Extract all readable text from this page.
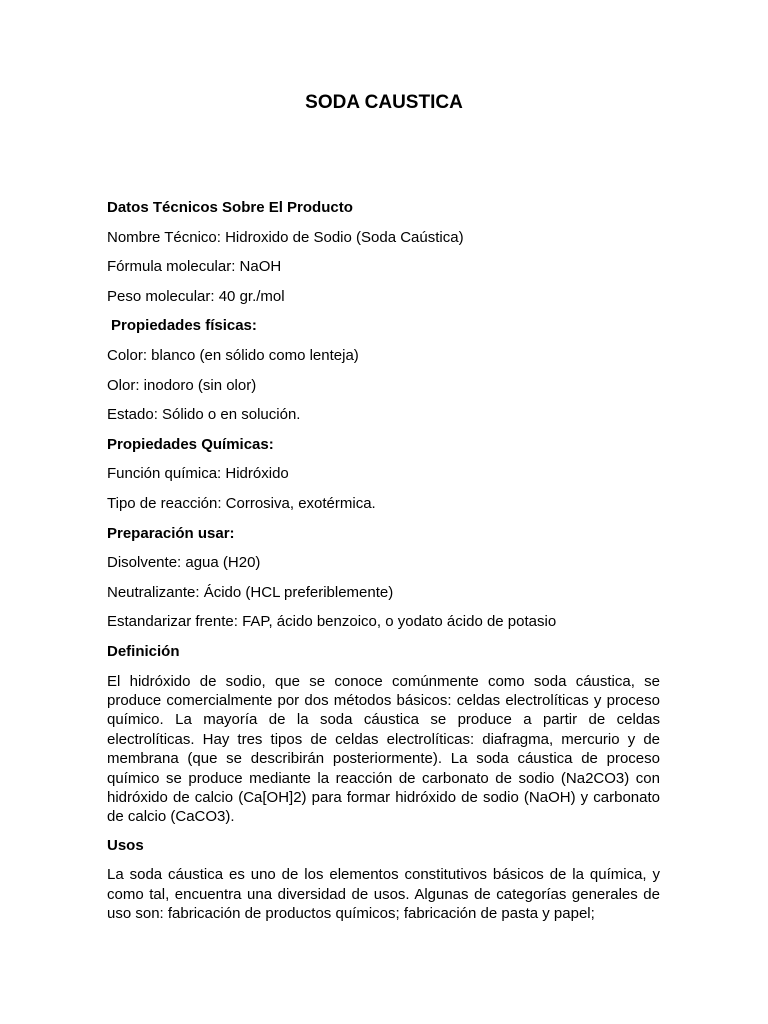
SODA CAUSTICA
Datos Técnicos Sobre El Producto
Nombre Técnico: Hidroxido de Sodio (Soda Caústica)
Fórmula molecular: NaOH
Peso molecular: 40 gr./mol
Propiedades físicas:
Color: blanco (en sólido como lenteja)
Olor: inodoro (sin olor)
Estado: Sólido o en solución.
Propiedades Químicas:
Función química: Hidróxido
Tipo de reacción: Corrosiva, exotérmica.
Preparación usar:
Disolvente: agua (H20)
Neutralizante: Ácido (HCL preferiblemente)
Estandarizar frente: FAP, ácido benzoico, o yodato ácido de potasio
Definición

El hidróxido de sodio, que se conoce comúnmente como soda cáustica, se produce comercialmente por dos métodos básicos: celdas electrolíticas y proceso químico. La mayoría de la soda cáustica se produce a partir de celdas electrolíticas. Hay tres tipos de celdas electrolíticas: diafragma, mercurio y de membrana (que se describirán posteriormente). La soda cáustica de proceso químico se produce mediante la reacción de carbonato de sodio (Na2CO3) con hidróxido de calcio (Ca[OH]2) para formar hidróxido de sodio (NaOH) y carbonato de calcio (CaCO3).

Usos

La soda cáustica es uno de los elementos constitutivos básicos de la química, y como tal, encuentra una diversidad de usos. Algunas de categorías generales de uso son: fabricación de productos químicos; fabricación de pasta y papel;
